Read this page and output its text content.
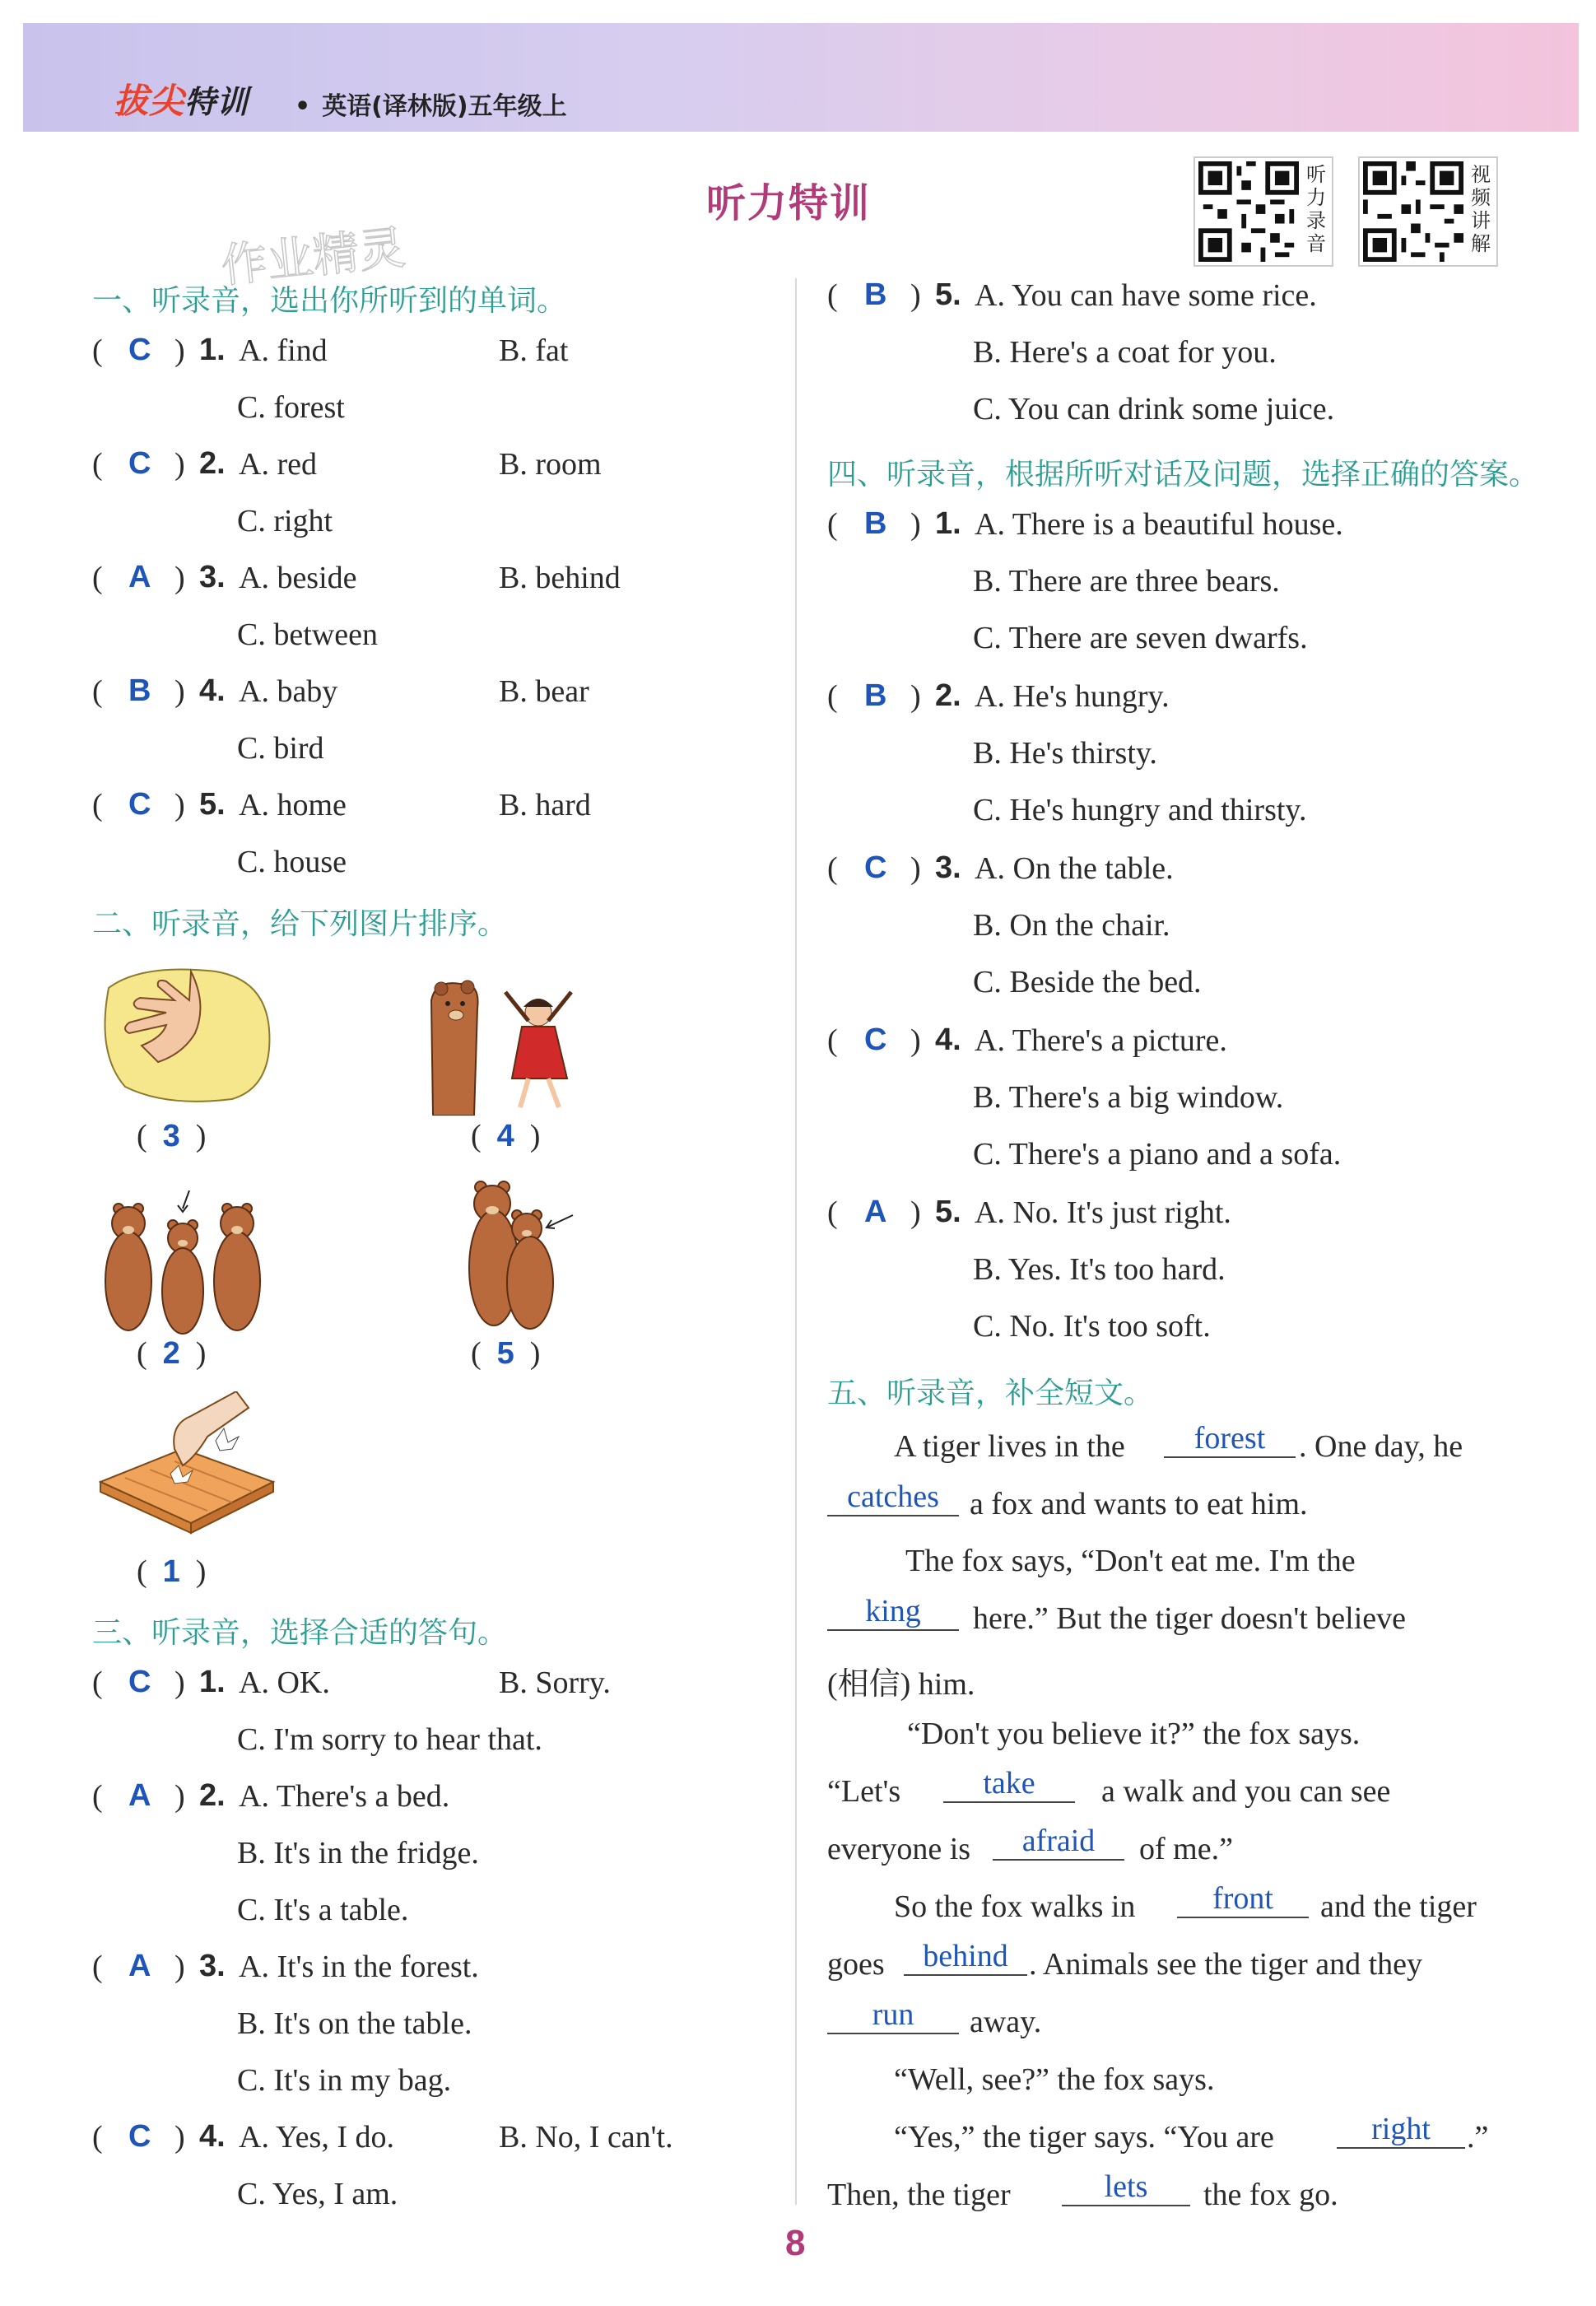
拔尖特训 • 英语(译林版)五年级上
听力特训
听力录音
视频讲解
作业精灵
一、听录音，选出你所听到的单词。
( C ) 1. A. find	B. fat
C. forest
( C ) 2. A. red	B. room
C. right
( A ) 3. A. beside	B. behind
C. between
( B ) 4. A. baby	B. bear
C. bird
( C ) 5. A. home	B. hard
C. house
二、听录音，给下列图片排序。
(  3  )	(  4  )
(  2  )	(  5  )
(  1  )
三、听录音，选择合适的答句。
( C ) 1. A. OK.	B. Sorry.
C. I'm sorry to hear that.
( A ) 2. A. There's a bed.
B. It's in the fridge.
C. It's a table.
( A ) 3. A. It's in the forest.
B. It's on the table.
C. It's in my bag.
( C ) 4. A. Yes, I do.	B. No, I can't.
C. Yes, I am.
( B ) 5. A. You can have some rice.
B. Here's a coat for you.
C. You can drink some juice.
四、听录音，根据所听对话及问题，选择正确的答案。
( B ) 1. A. There is a beautiful house.
B. There are three bears.
C. There are seven dwarfs.
( B ) 2. A. He's hungry.
B. He's thirsty.
C. He's hungry and thirsty.
( C ) 3. A. On the table.
B. On the chair.
C. Beside the bed.
( C ) 4. A. There's a picture.
B. There's a big window.
C. There's a piano and a sofa.
( A ) 5. A. No. It's just right.
B. Yes. It's too hard.
C. No. It's too soft.
五、听录音，补全短文。
A tiger lives in the	forest	. One day, he
catches a fox and wants to eat him.
The fox says, “Don't eat me. I'm the
king	here.” But the tiger doesn't believe
(相信) him.
“Don't you believe it?” the fox says.
“Let's	take	a walk and you can see
everyone is	afraid	of me.”
So the fox walks in	front	and the tiger
goes	behind . Animals see the tiger and they
run	away.
“Well, see?” the fox says.
“Yes,” the tiger says. “You are	right	.”
Then, the tiger	lets	the fox go.
8
